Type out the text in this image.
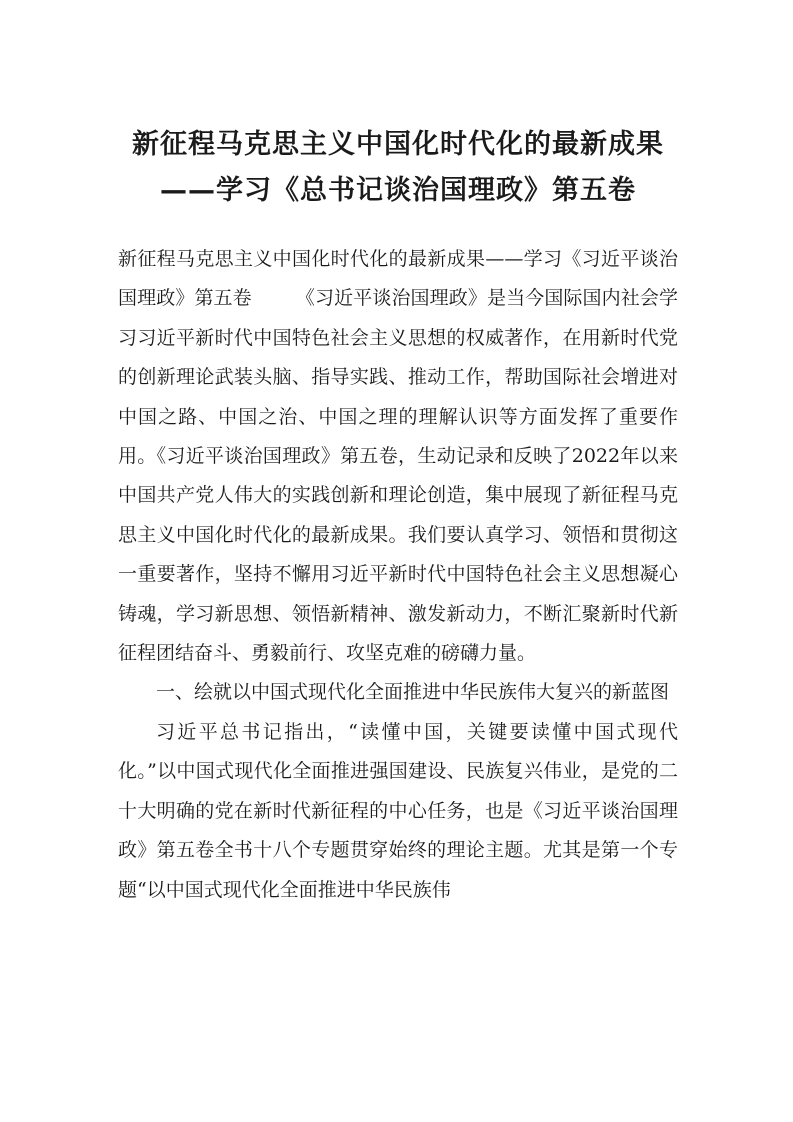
新征程马克思主义中国化时代化的最新成果——学习《总书记谈治国理政》第五卷

新征程马克思主义中国化时代化的最新成果——学习《习近平谈治国理政》第五卷 《习近平谈治国理政》是当今国际国内社会学习习近平新时代中国特色社会主义思想的权威著作，在用新时代党的创新理论武装头脑、指导实践、推动工作，帮助国际社会增进对中国之路、中国之治、中国之理的理解认识等方面发挥了重要作用。《习近平谈治国理政》第五卷，生动记录和反映了2022年以来中国共产党人伟大的实践创新和理论创造，集中展现了新征程马克思主义中国化时代化的最新成果。我们要认真学习、领悟和贯彻这一重要著作，坚持不懈用习近平新时代中国特色社会主义思想凝心铸魂，学习新思想、领悟新精神、激发新动力，不断汇聚新时代新征程团结奋斗、勇毅前行、攻坚克难的磅礴力量。

一、绘就以中国式现代化全面推进中华民族伟大复兴的新蓝图

习近平总书记指出，“读懂中国，关键要读懂中国式现代化。”以中国式现代化全面推进强国建设、民族复兴伟业，是党的二十大明确的党在新时代新征程的中心任务，也是《习近平谈治国理政》第五卷全书十八个专题贯穿始终的理论主题。尤其是第一个专题“以中国式现代化全面推进中华民族伟
